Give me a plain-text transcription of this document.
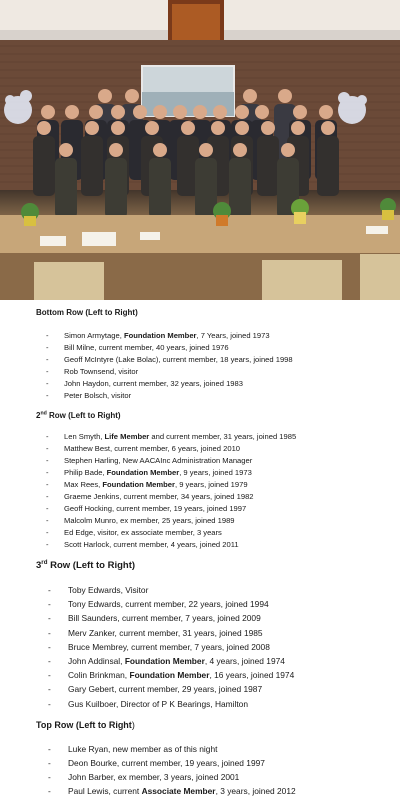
Bottom Row (Left to Right)
- Simon Armytage, Foundation Member, 7 Years, joined 1973
- Bill Milne, current member, 40 years, joined 1976
- Geoff McIntyre (Lake Bolac), current member, 18 years, joined 1998
- Rob Townsend, visitor
- John Haydon, current member, 32 years, joined 1983
- Peter Bolsch, visitor
2nd Row (Left to Right)
- Len Smyth, Life Member and current member, 31 years, joined 1985
- Matthew Best, current member, 6 years, joined 2010
- Stephen Harling, New AACAInc Administration Manager
- Philip Bade, Foundation Member, 9 years, joined 1973
- Max Rees, Foundation Member, 9 years, joined 1979
- Graeme Jenkins, current member, 34 years, joined 1982
- Geoff Hocking, current member, 19 years, joined 1997
- Malcolm Munro, ex member, 25 years, joined 1989
- Ed Edge, visitor, ex associate member, 3 years
- Scott Harlock, current member, 4 years, joined 2011
3rd Row (Left to Right)
- Toby Edwards, Visitor
- Tony Edwards, current member, 22 years, joined 1994
- Bill Saunders, current member, 7 years, joined 2009
- Merv Zanker, current member, 31 years, joined 1985
- Bruce Membrey, current member, 7 years, joined 2008
- John Addinsal, Foundation Member, 4 years, joined 1974
- Colin Brinkman, Foundation Member, 16 years, joined 1974
- Gary Gebert, current member, 29 years, joined 1987
- Gus Kuilboer, Director of P K Bearings, Hamilton
Top Row (Left to Right)
- Luke Ryan, new member as of this night
- Deon Bourke, current member, 19 years, joined 1997
- John Barber, ex member, 3 years, joined 2001
- Paul Lewis, current Associate Member, 3 years, joined 2012
